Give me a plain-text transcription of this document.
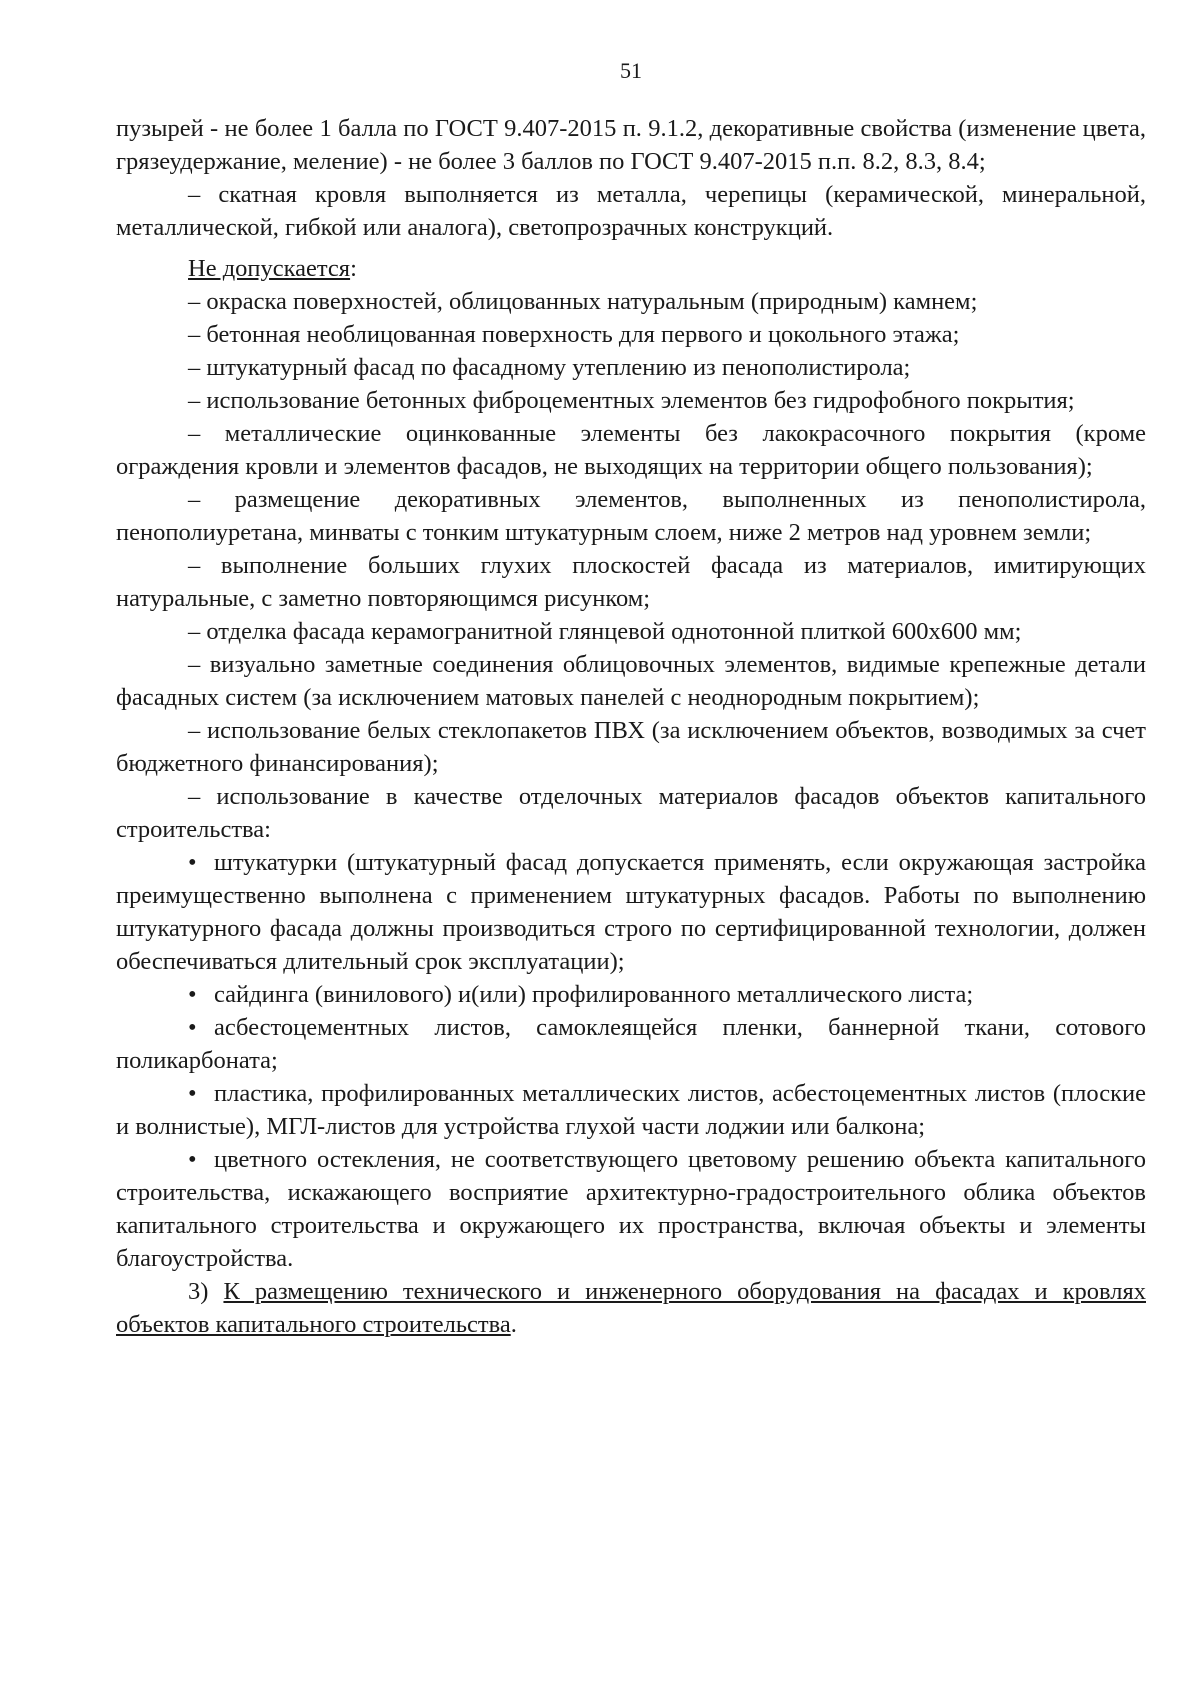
51

пузырей - не более 1 балла по ГОСТ 9.407-2015 п. 9.1.2, декоративные свойства (изменение цвета, грязеудержание, меление) - не более 3 баллов по ГОСТ 9.407-2015 п.п. 8.2, 8.3, 8.4;

– скатная кровля выполняется из металла, черепицы (керамической, минеральной, металлической, гибкой или аналога), светопрозрачных конструкций.

Не допускается:

– окраска поверхностей, облицованных натуральным (природным) камнем;

– бетонная необлицованная поверхность для первого и цокольного этажа;

– штукатурный фасад по фасадному утеплению из пенополистирола;

– использование бетонных фиброцементных элементов без гидрофобного покрытия;

– металлические оцинкованные элементы без лакокрасочного покрытия (кроме ограждения кровли и элементов фасадов, не выходящих на территории общего пользования);

– размещение декоративных элементов, выполненных из пенополистирола, пенополиуретана, минваты с тонким штукатурным слоем, ниже 2 метров над уровнем земли;

– выполнение больших глухих плоскостей фасада из материалов, имитирующих натуральные, с заметно повторяющимся рисунком;

– отделка фасада керамогранитной глянцевой однотонной плиткой 600х600 мм;

– визуально заметные соединения облицовочных элементов, видимые крепежные детали фасадных систем (за исключением матовых панелей с неоднородным покрытием);

– использование белых стеклопакетов ПВХ (за исключением объектов, возводимых за счет бюджетного финансирования);

– использование в качестве отделочных материалов фасадов объектов капитального строительства:

• штукатурки (штукатурный фасад допускается применять, если окружающая застройка преимущественно выполнена с применением штукатурных фасадов. Работы по выполнению штукатурного фасада должны производиться строго по сертифицированной технологии, должен обеспечиваться длительный срок эксплуатации);

• сайдинга (винилового) и(или) профилированного металлического листа;

• асбестоцементных листов, самоклеящейся пленки, баннерной ткани, сотового поликарбоната;

• пластика, профилированных металлических листов, асбестоцементных листов (плоские и волнистые), МГЛ-листов для устройства глухой части лоджии или балкона;

• цветного остекления, не соответствующего цветовому решению объекта капитального строительства, искажающего восприятие архитектурно-градостроительного облика объектов капитального строительства и окружающего их пространства, включая объекты и элементы благоустройства.

3) К размещению технического и инженерного оборудования на фасадах и кровлях объектов капитального строительства.
